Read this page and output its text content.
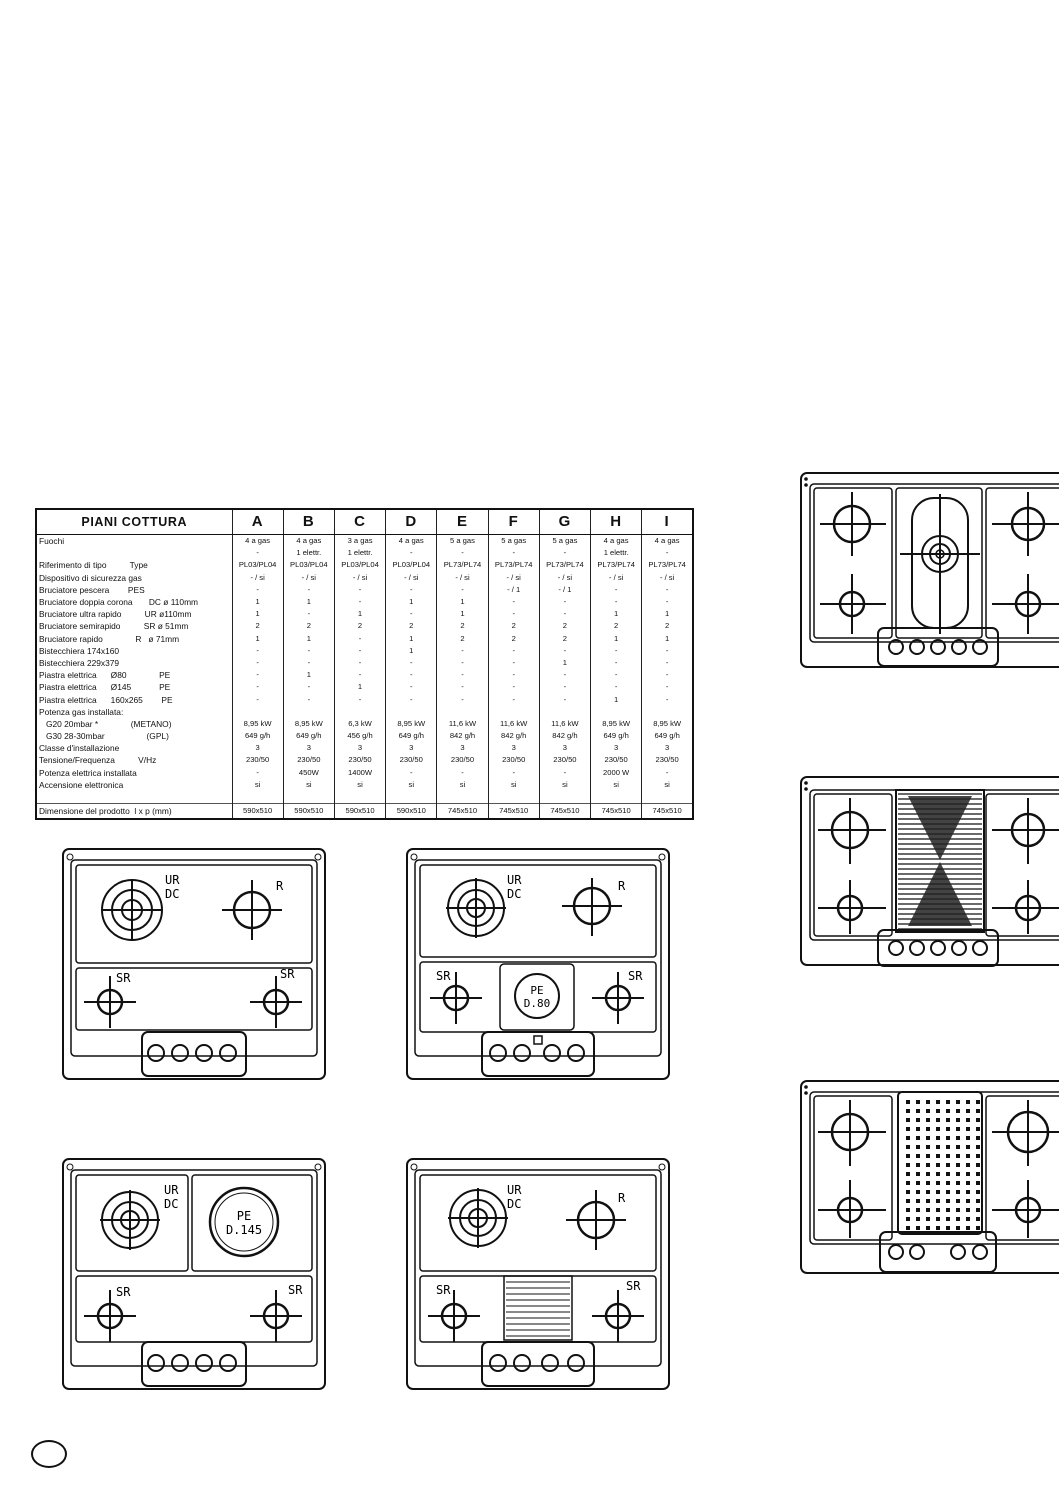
PIANI COTTURA	A	B	C	D	E	F	G	H	I
Fuochi	4 a gas	4 a gas	3 a gas	4 a gas	5 a gas	5 a gas	5 a gas	4 a gas	4 a gas
	-	1 elettr.	1 elettr.	-	-	-	-	1 elettr.	-
Riferimento di tipo          Type	PL03/PL04	PL03/PL04	PL03/PL04	PL03/PL04	PL73/PL74	PL73/PL74	PL73/PL74	PL73/PL74	PL73/PL74
Dispositivo di sicurezza gas	- / si	- / si	- / si	- / si	- / si	- / si	- / si	- / si	- / si
Bruciatore pescera        PES	-	-	-	-	-	- / 1	- / 1	-	-
Bruciatore doppia corona       DC ø 110mm	1	1	-	1	1	-	-	-	-
Bruciatore ultra rapido          UR ø110mm	1	-	1	-	1	-	-	1	1
Bruciatore semirapido          SR ø 51mm	2	2	2	2	2	2	2	2	2
Bruciatore rapido              R   ø 71mm	1	1	-	1	2	2	2	1	1
Bistecchiera 174x160	-	-	-	1	-	-	-	-	-
Bistecchiera 229x379	-	-	-	-	-	-	1	-	-
Piastra elettrica      Ø80              PE	-	1	-	-	-	-	-	-	-
Piastra elettrica      Ø145            PE	-	-	1	-	-	-	-	-	-
Piastra elettrica      160x265        PE	-	-	-	-	-	-	-	1	-
Potenza gas installata:									
G20 20mbar *              (METANO)	8,95 kW	8,95 kW	6,3 kW	8,95 kW	11,6 kW	11,6 kW	11,6 kW	8,95 kW	8,95 kW
G30 28-30mbar                  (GPL)	649 g/h	649 g/h	456 g/h	649 g/h	842 g/h	842 g/h	842 g/h	649 g/h	649 g/h
Classe d'installazione	3	3	3	3	3	3	3	3	3
Tensione/Frequenza          V/Hz	230/50	230/50	230/50	230/50	230/50	230/50	230/50	230/50	230/50
Potenza elettrica installata	-	450W	1400W	-	-	-	-	2000 W	-
Accensione elettronica	si	si	si	si	si	si	si	si	si

Dimensione del prodotto  l x p (mm)	590x510	590x510	590x510	590x510	745x510	745x510	745x510	745x510	745x510
UR
DC
R
SR	SR
UR
DC
R
SR	SR
PE
D.80
UR
DC
PE
D.145
SR	SR
UR
DC	R
SR	SR
